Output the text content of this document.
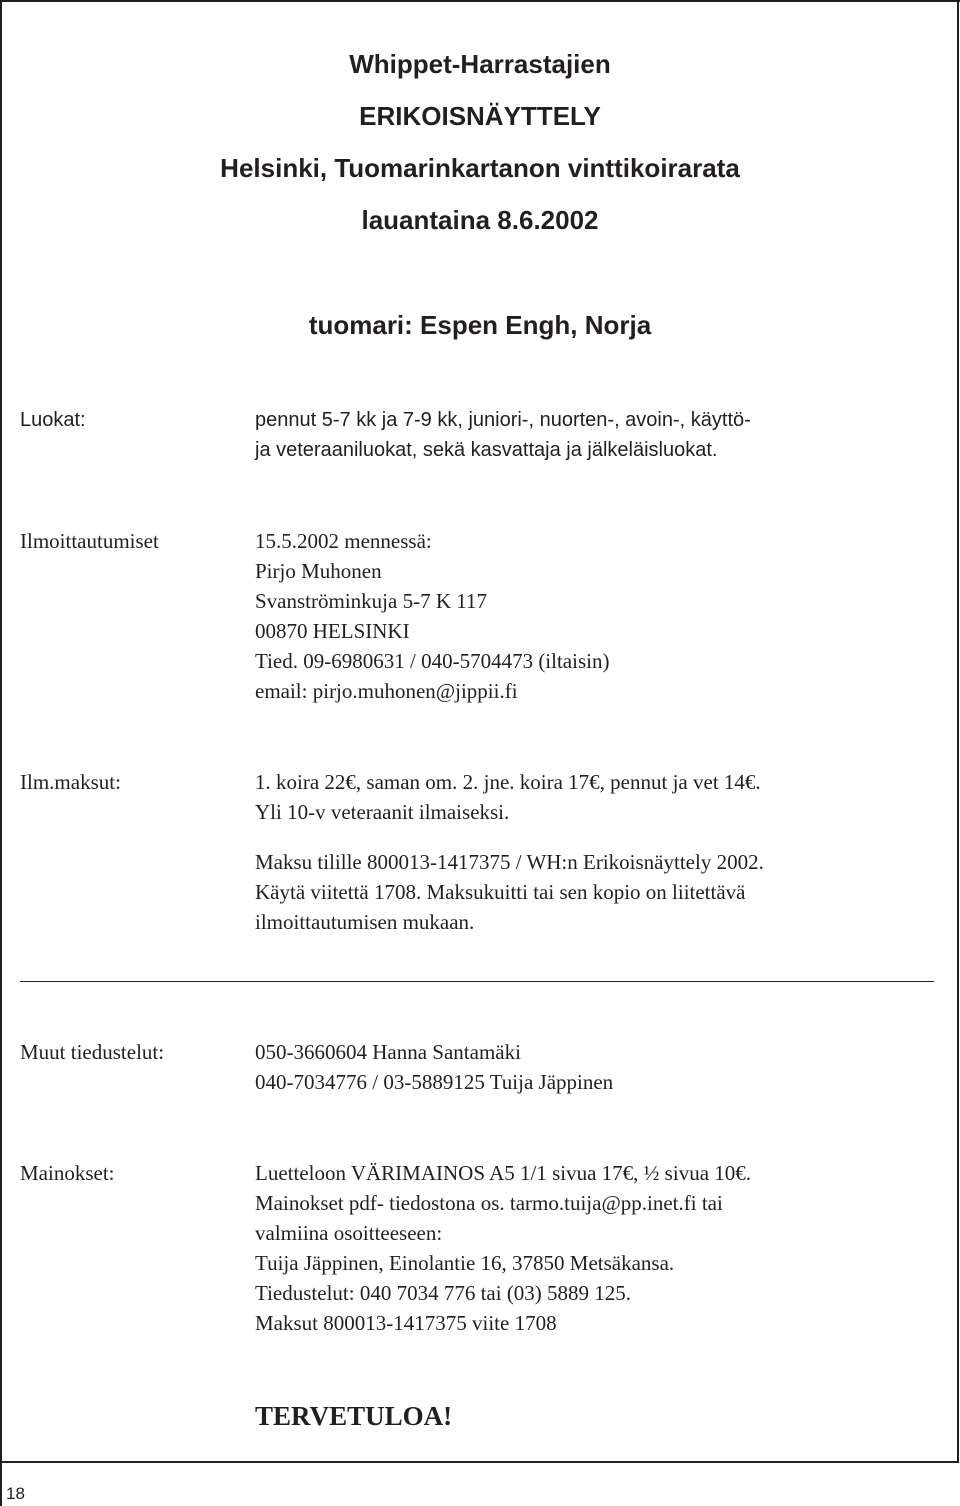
Whippet-Harrastajien
ERIKOISNÄYTTELY
Helsinki, Tuomarinkartanon vinttikoirarata
lauantaina 8.6.2002
tuomari: Espen Engh, Norja
Luokat:	pennut 5-7 kk ja 7-9 kk, juniori-, nuorten-, avoin-, käyttö-
ja veteraaniluokat, sekä kasvattaja ja jälkeläisluokat.
Ilmoittautumiset	15.5.2002 mennessä:
Pirjo Muhonen
Svanströminkuja 5-7 K 117
00870 HELSINKI
Tied. 09-6980631 / 040-5704473 (iltaisin)
email: pirjo.muhonen@jippii.fi
Ilm.maksut:	1. koira 22€, saman om. 2. jne. koira 17€, pennut ja vet 14€.
Yli 10-v veteraanit ilmaiseksi.
Maksu tilille 800013-1417375 / WH:n Erikoisnäyttely 2002.
Käytä viitettä 1708. Maksukuitti tai sen kopio on liitettävä
ilmoittautumisen mukaan.
Muut tiedustelut:	050-3660604 Hanna Santamäki
040-7034776 / 03-5889125 Tuija Jäppinen
Mainokset:	Luetteloon VÄRIMAINOS A5 1/1 sivua 17€, ½ sivua 10€.
Mainokset pdf- tiedostona os. tarmo.tuija@pp.inet.fi tai
valmiina osoitteeseen:
Tuija Jäppinen, Einolantie 16, 37850 Metsäkansa.
Tiedustelut: 040 7034 776 tai (03) 5889 125.
Maksut 800013-1417375 viite 1708
TERVETULOA!
18
